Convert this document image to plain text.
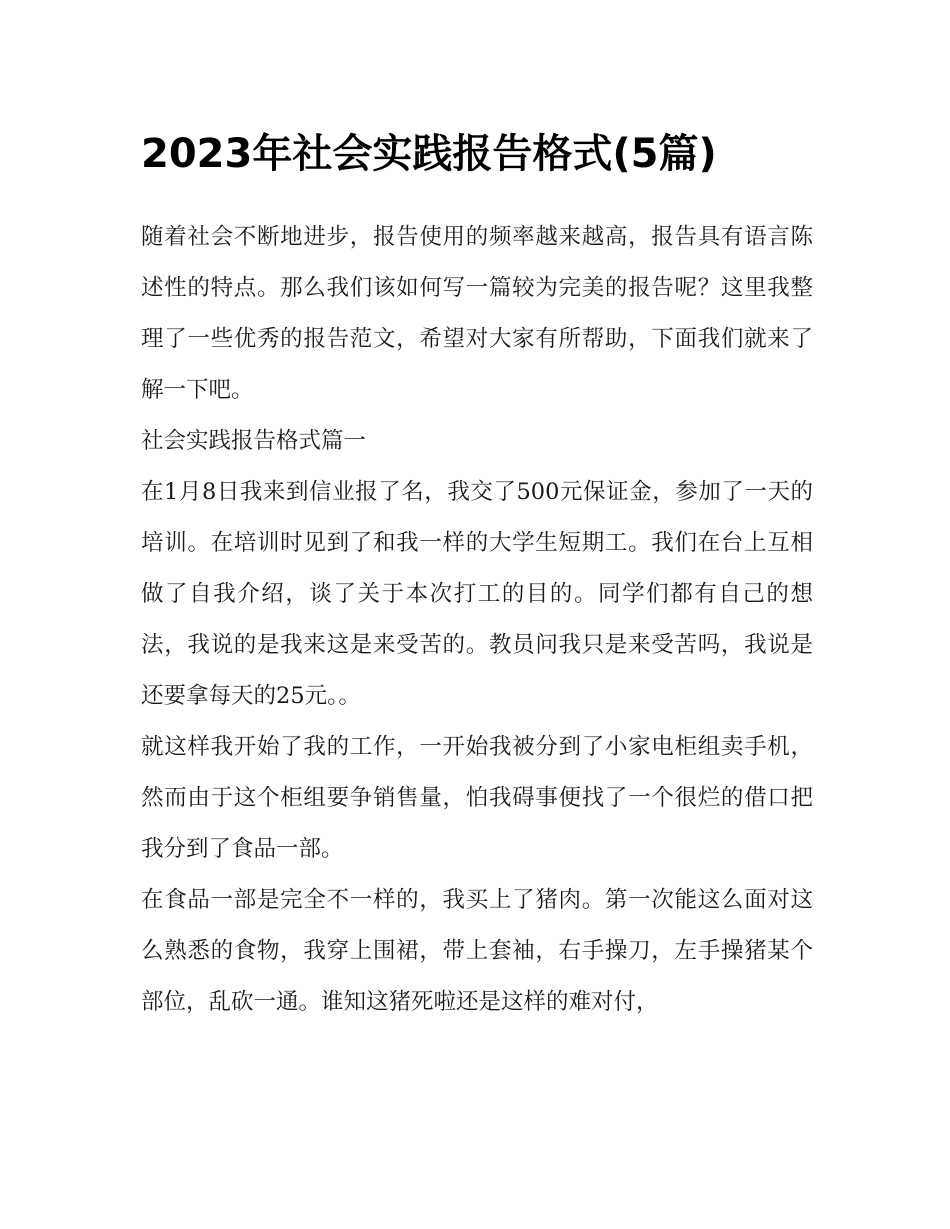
2023年社会实践报告格式(5篇)

随着社会不断地进步，报告使用的频率越来越高，报告具有语言陈述性的特点。那么我们该如何写一篇较为完美的报告呢？这里我整理了一些优秀的报告范文，希望对大家有所帮助，下面我们就来了解一下吧。

社会实践报告格式篇一

在1月8日我来到信业报了名，我交了500元保证金，参加了一天的培训。在培训时见到了和我一样的大学生短期工。我们在台上互相做了自我介绍，谈了关于本次打工的目的。同学们都有自己的想法，我说的是我来这是来受苦的。教员问我只是来受苦吗，我说是还要拿每天的25元。。

就这样我开始了我的工作，一开始我被分到了小家电柜组卖手机，然而由于这个柜组要争销售量，怕我碍事便找了一个很烂的借口把我分到了食品一部。

在食品一部是完全不一样的，我买上了猪肉。第一次能这么面对这么熟悉的食物，我穿上围裙，带上套袖，右手操刀，左手操猪某个部位，乱砍一通。谁知这猪死啦还是这样的难对付，
